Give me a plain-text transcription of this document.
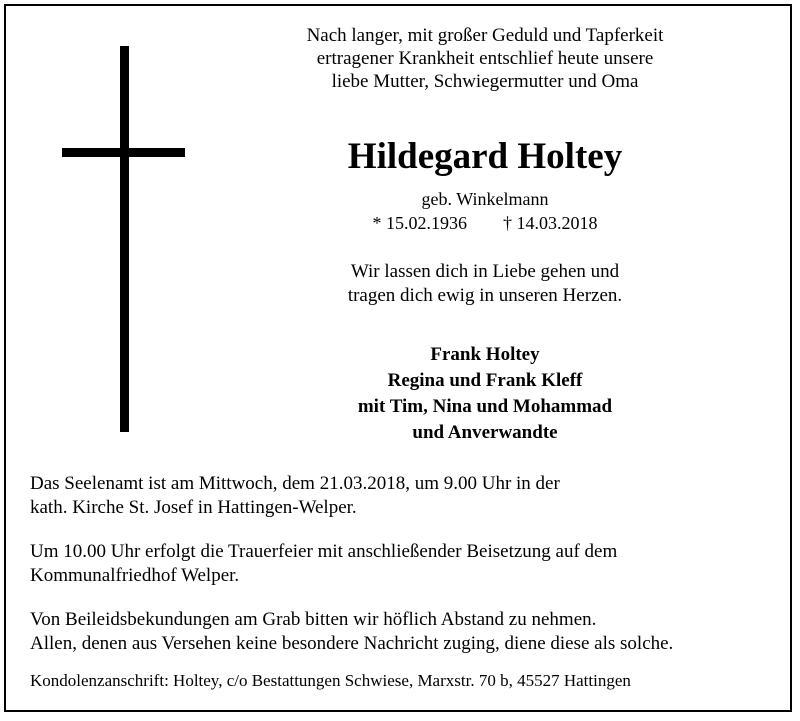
Nach langer, mit großer Geduld und Tapferkeit
ertragener Krankheit entschlief heute unsere
liebe Mutter, Schwiegermutter und Oma
Hildegard Holtey
geb. Winkelmann
* 15.02.1936 † 14.03.2018
Wir lassen dich in Liebe gehen und
tragen dich ewig in unseren Herzen.
Frank Holtey
Regina und Frank Kleff
mit Tim, Nina und Mohammad
und Anverwandte
Das Seelenamt ist am Mittwoch, dem 21.03.2018, um 9.00 Uhr in der
kath. Kirche St. Josef in Hattingen-Welper.
Um 10.00 Uhr erfolgt die Trauerfeier mit anschließender Beisetzung auf dem
Kommunalfriedhof Welper.
Von Beileidsbekundungen am Grab bitten wir höflich Abstand zu nehmen.
Allen, denen aus Versehen keine besondere Nachricht zuging, diene diese als solche.
Kondolenzanschrift: Holtey, c/o Bestattungen Schwiese, Marxstr. 70 b, 45527 Hattingen
